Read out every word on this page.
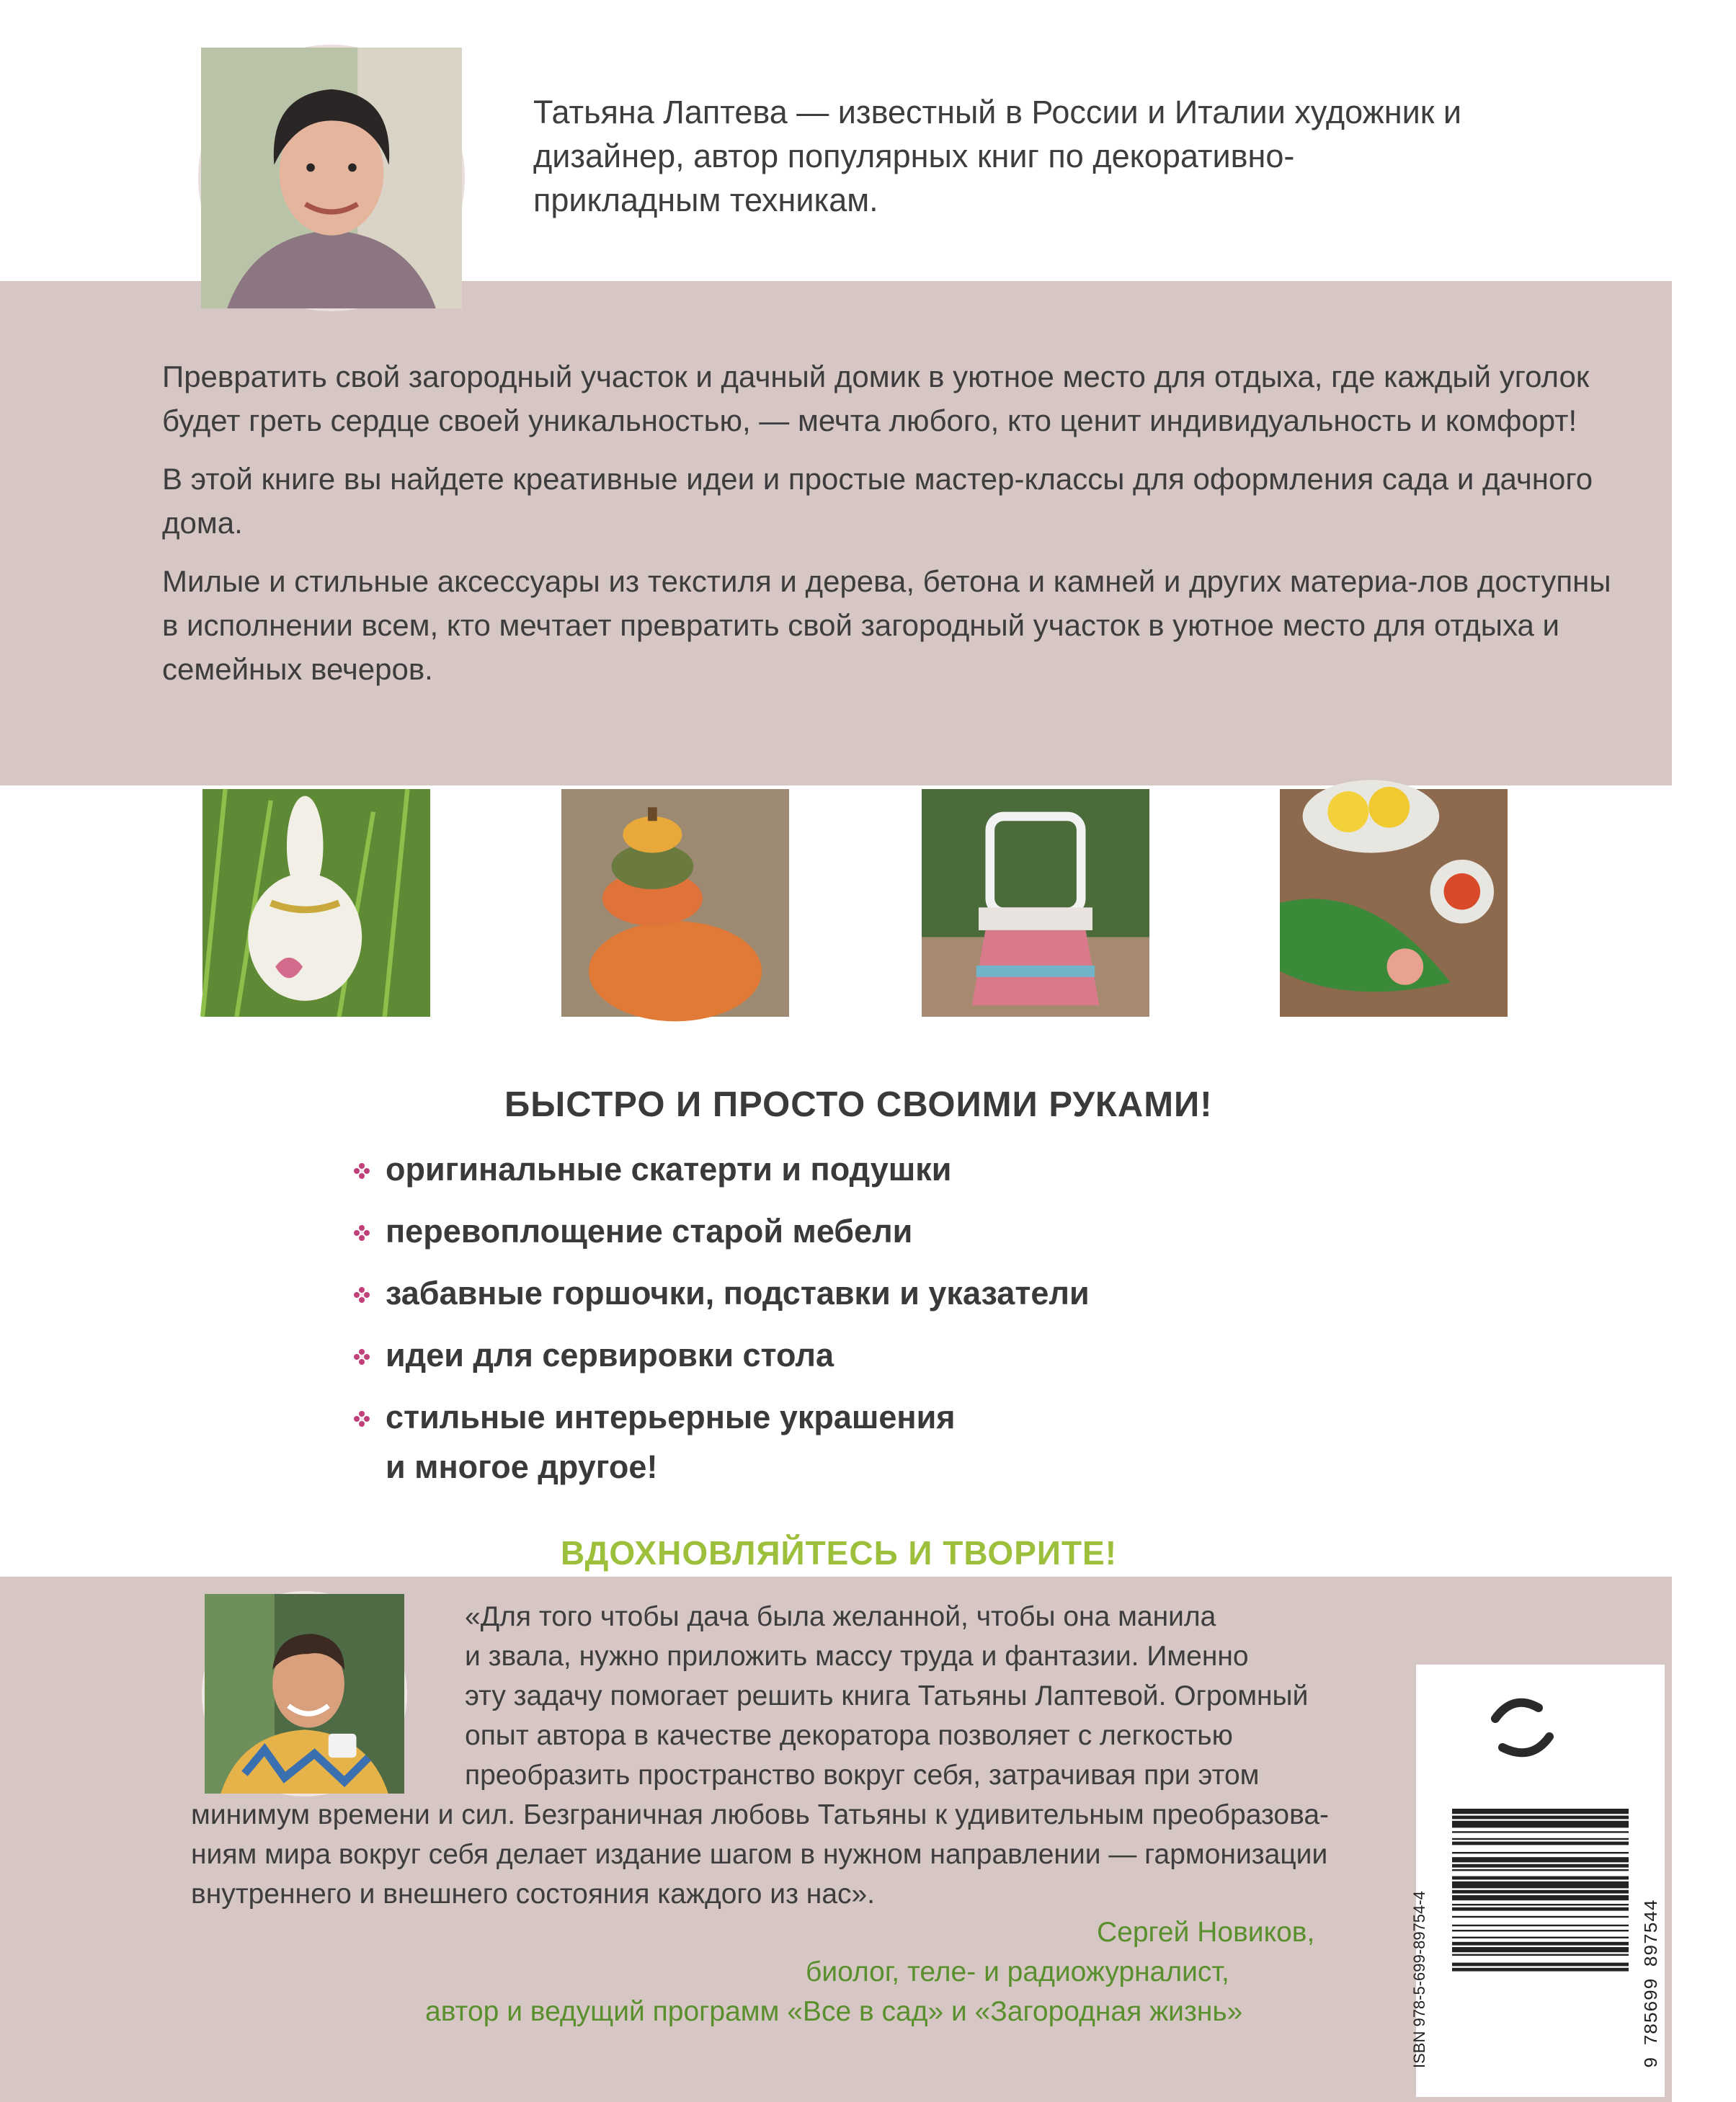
Татьяна Лаптева — известный в России и Италии художник и дизайнер, автор популярных книг по декоративно-прикладным техникам.

Превратить свой загородный участок и дачный домик в уютное место для отдыха, где каждый уголок будет греть сердце своей уникальностью, — мечта любого, кто ценит индивидуальность и комфорт!

В этой книге вы найдете креативные идеи и простые мастер-классы для оформления сада и дачного дома.

Милые и стильные аксессуары из текстиля и дерева, бетона и камней и других материа-лов доступны в исполнении всем, кто мечтает превратить свой загородный участок в уютное место для отдыха и семейных вечеров.

БЫСТРО И ПРОСТО СВОИМИ РУКАМИ!
оригинальные скатерти и подушки
перевоплощение старой мебели
забавные горшочки, подставки и указатели
идеи для сервировки стола
стильные интерьерные украшения
и многое другое!
ВДОХНОВЛЯЙТЕСЬ И ТВОРИТЕ!
«Для того чтобы дача была желанной, чтобы она манила
и звала, нужно приложить массу труда и фантазии. Именно
эту задачу помогает решить книга Татьяны Лаптевой. Огромный
опыт автора в качестве декоратора позволяет с легкостью
преобразить пространство вокруг себя, затрачивая при этом
минимум времени и сил. Безграничная любовь Татьяны к удивительным преобразова-
ниям мира вокруг себя делает издание шагом в нужном направлении — гармонизации
внутреннего и внешнего состояния каждого из нас».
Сергей Новиков,
биолог, теле- и радиожурналист,
автор и ведущий программ «Все в сад» и «Загородная жизнь»	ISBN 978-5-699-89754-4	9 785699 897544
